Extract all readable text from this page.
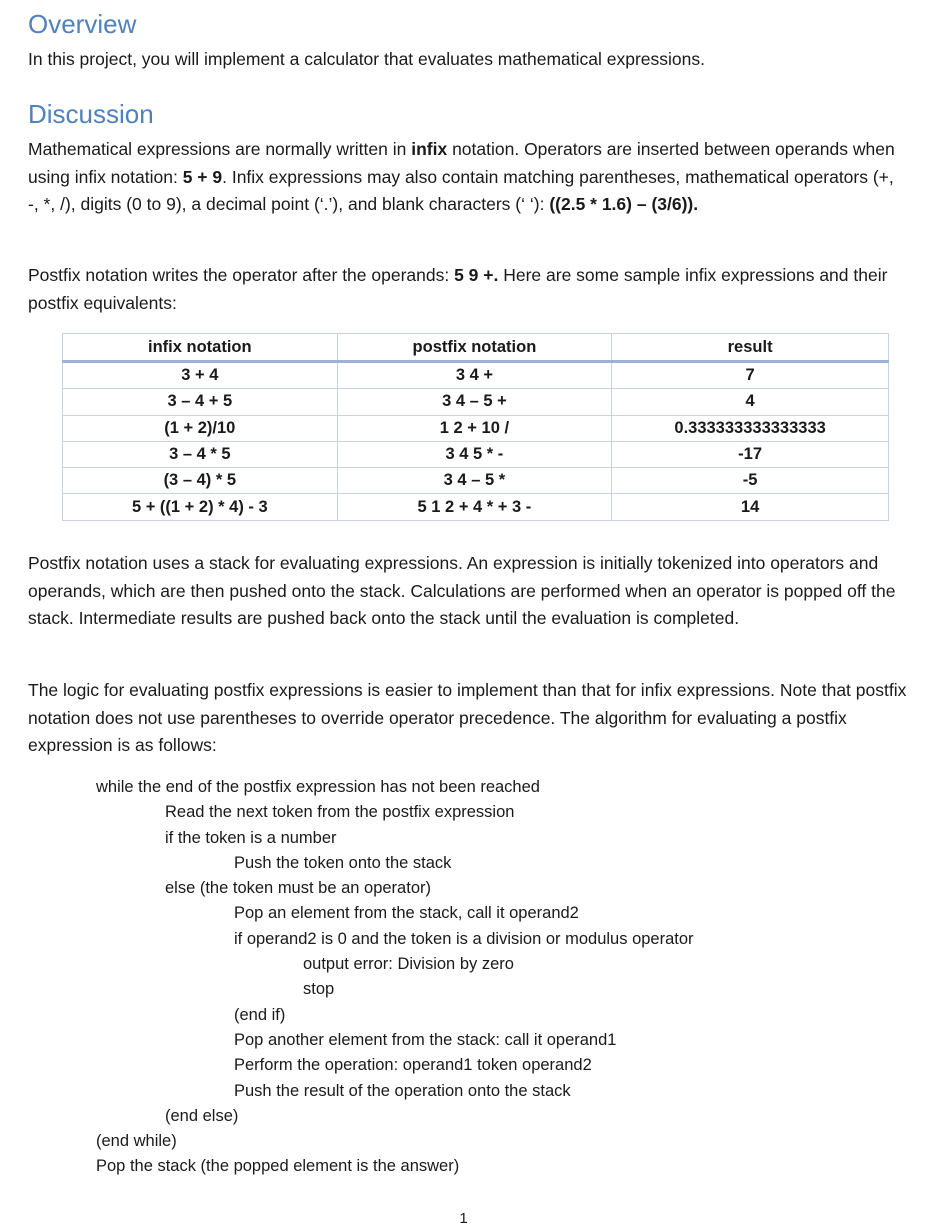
Overview

In this project, you will implement a calculator that evaluates mathematical expressions.

Discussion

Mathematical expressions are normally written in infix notation. Operators are inserted between operands when using infix notation: 5 + 9. Infix expressions may also contain matching parentheses, mathematical operators (+, -, *, /), digits (0 to 9), a decimal point (‘.’), and blank characters (‘ ‘): ((2.5 * 1.6) – (3/6)).

Postfix notation writes the operator after the operands: 5 9 +. Here are some sample infix expressions and their postfix equivalents:

infix notation	postfix notation	result
3 + 4	3 4 +	7
3 – 4 + 5	3 4 – 5 +	4
(1 + 2)/10	1 2 + 10 /	0.333333333333333
3 – 4 * 5	3 4 5 * -	-17
(3 – 4) * 5	3 4 – 5 *	-5
5 + ((1 + 2) * 4) - 3	5 1 2 + 4 * + 3 -	14

Postfix notation uses a stack for evaluating expressions. An expression is initially tokenized into operators and operands, which are then pushed onto the stack. Calculations are performed when an operator is popped off the stack. Intermediate results are pushed back onto the stack until the evaluation is completed.

The logic for evaluating postfix expressions is easier to implement than that for infix expressions. Note that postfix notation does not use parentheses to override operator precedence. The algorithm for evaluating a postfix expression is as follows:

while the end of the postfix expression has not been reached
Read the next token from the postfix expression
if the token is a number
Push the token onto the stack
else (the token must be an operator)
Pop an element from the stack, call it operand2
if operand2 is 0 and the token is a division or modulus operator
output error: Division by zero
stop
(end if)
Pop another element from the stack: call it operand1
Perform the operation: operand1 token operand2
Push the result of the operation onto the stack
(end else)
(end while)
Pop the stack (the popped element is the answer)
1
